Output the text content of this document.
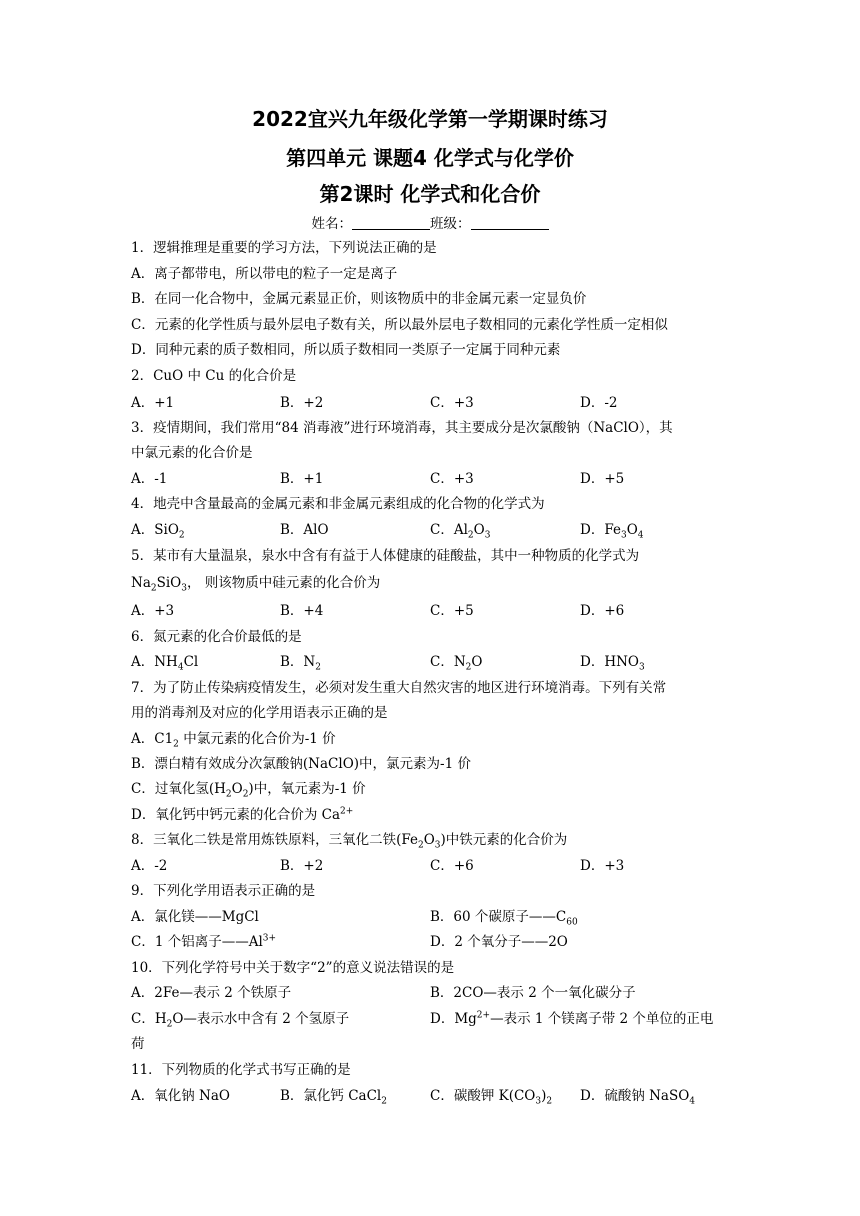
2022宜兴九年级化学第一学期课时练习
第四单元 课题4 化学式与化学价
第2课时 化学式和化合价
姓名：	班级：
1．逻辑推理是重要的学习方法，下列说法正确的是
A．离子都带电，所以带电的粒子一定是离子
B．在同一化合物中，金属元素显正价，则该物质中的非金属元素一定显负价
C．元素的化学性质与最外层电子数有关，所以最外层电子数相同的元素化学性质一定相似
D．同种元素的质子数相同，所以质子数相同一类原子一定属于同种元素
2．CuO 中 Cu 的化合价是
A．+1	B．+2	C．+3	D．-2
3．疫情期间，我们常用“84 消毒液”进行环境消毒，其主要成分是次氯酸钠（NaClO），其
中氯元素的化合价是
A．-1	B．+1	C．+3	D．+5
4．地壳中含量最高的金属元素和非金属元素组成的化合物的化学式为
A．SiO$_2$	B．AlO	C．$Al_2O_3$	D．$Fe_3O_4$
5．某市有大量温泉，泉水中含有有益于人体健康的硅酸盐，其中一种物质的化学式为
$Na_2SiO_3$， 则该物质中硅元素的化合价为
A．+3	B．+4	C．+5	D．+6
6．氮元素的化合价最低的是
A．$NH_4Cl$	B．$N_2$	C．$N_2O$	D．$HNO_3$
7．为了防止传染病疫情发生，必须对发生重大自然灾害的地区进行环境消毒。下列有关常
用的消毒剂及对应的化学用语表示正确的是
A．$C1_2$ 中氯元素的化合价为-1 价
B．漂白精有效成分次氯酸钠(NaClO)中，氯元素为-1 价
C．过氧化氢$(H_2O_2)$中，氧元素为-1 价
D．氧化钙中钙元素的化合价为 $Ca^{2+}$
8．三氧化二铁是常用炼铁原料，三氧化二铁$(Fe_2O_3)$中铁元素的化合价为
A．-2	B．+2	C．+6	D．+3
9．下列化学用语表示正确的是
A．氯化镁——MgCl	B．60 个碳原子$——C_{60}$
C．1 个铝离子$——Al^{3+}$	D．2 个氧分子——2O
10．下列化学符号中关于数字“2”的意义说法错误的是
A．2Fe—表示 2 个铁原子	B．2CO—表示 2 个一氧化碳分子
C．$H_2O—$表示水中含有 2 个氢原子	D．$Mg^{2+}—$表示 1 个镁离子带 2 个单位的正电
荷
11．下列物质的化学式书写正确的是
A．氧化钠 NaO	B．氯化钙 CaCl$_2$	C．碳酸钾 $K(CO_3)_2$ D．硫酸钠 NaSO$_4$
